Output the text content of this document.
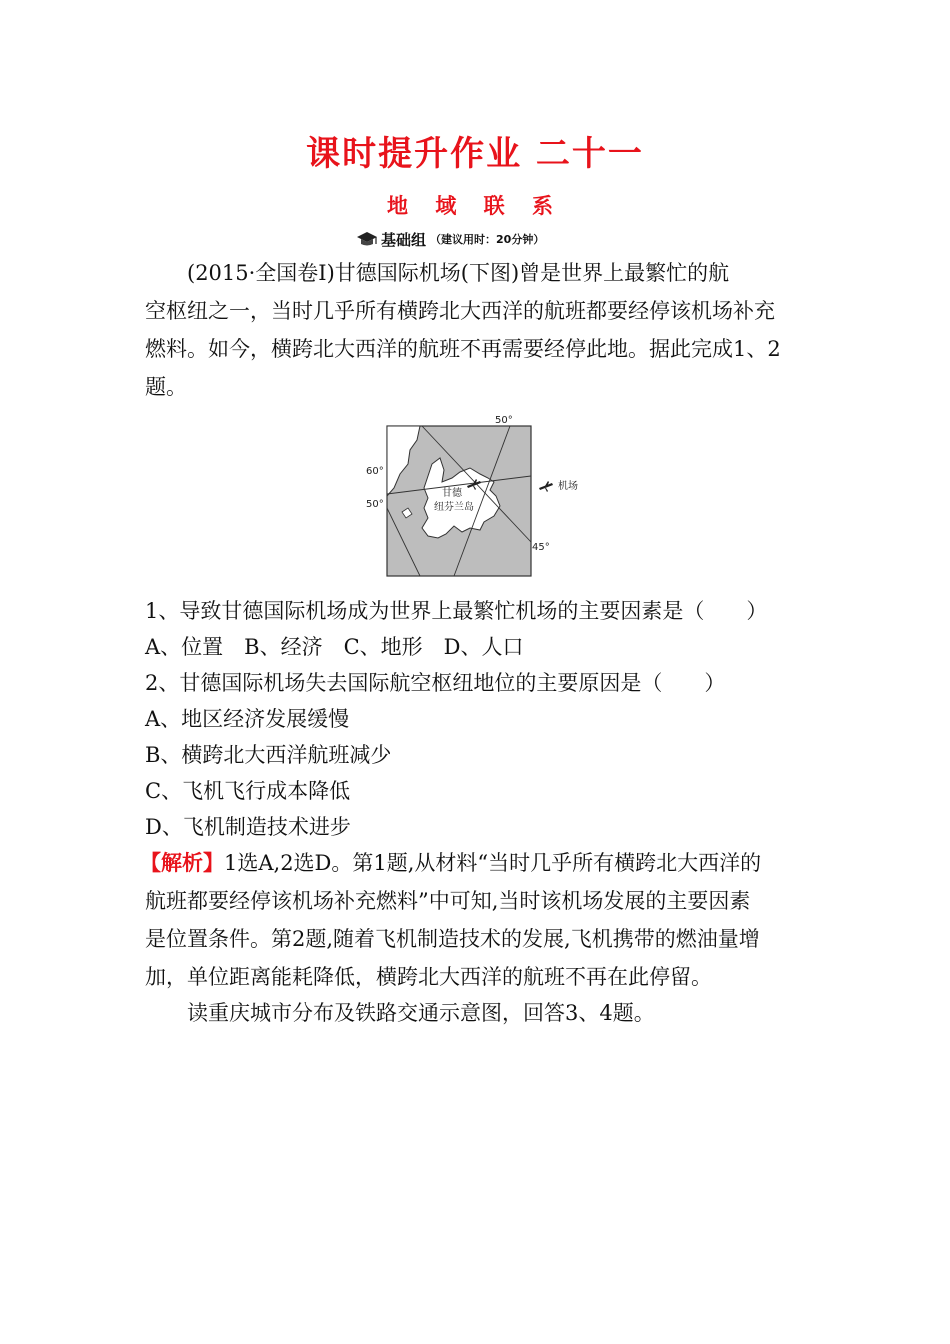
课时提升作业 二十一
地 域 联 系
基础组 （建议用时：20分钟）
(2015·全国卷Ⅰ)甘德国际机场(下图)曾是世界上最繁忙的航
空枢纽之一，当时几乎所有横跨北大西洋的航班都要经停该机场补充
燃料。如今，横跨北大西洋的航班不再需要经停此地。据此完成1、2
题。
50°
60°
50°
45°
甘德
纽芬兰岛
机场
1、导致甘德国际机场成为世界上最繁忙机场的主要因素是（　　）
A、位置　B、经济　C、地形　D、人口
2、甘德国际机场失去国际航空枢纽地位的主要原因是（　　）
A、地区经济发展缓慢
B、横跨北大西洋航班减少
C、飞机飞行成本降低
D、飞机制造技术进步
【解析】1选A,2选D。第1题,从材料“当时几乎所有横跨北大西洋的
航班都要经停该机场补充燃料”中可知,当时该机场发展的主要因素
是位置条件。第2题,随着飞机制造技术的发展,飞机携带的燃油量增
加，单位距离能耗降低，横跨北大西洋的航班不再在此停留。
读重庆城市分布及铁路交通示意图，回答3、4题。
